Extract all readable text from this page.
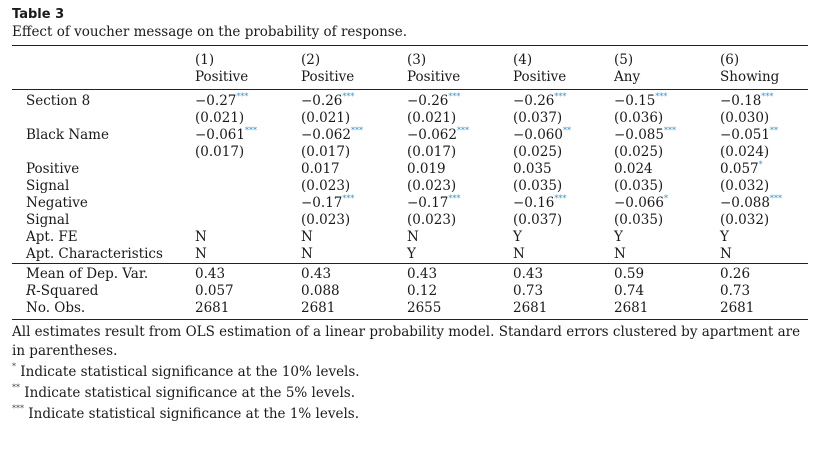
Table 3
Effect of voucher message on the probability of response.
	(1)	(2)	(3)	(4)	(5)	(6)
	Positive	Positive	Positive	Positive	Any	Showing
Section 8	−0.27***	−0.26***	−0.26***	−0.26***	−0.15***	−0.18***
	(0.021)	(0.021)	(0.021)	(0.037)	(0.036)	(0.030)
Black Name	−0.061***	−0.062***	−0.062***	−0.060**	−0.085***	−0.051**
	(0.017)	(0.017)	(0.017)	(0.025)	(0.025)	(0.024)
Positive		0.017	0.019	0.035	0.024	0.057*
Signal		(0.023)	(0.023)	(0.035)	(0.035)	(0.032)
Negative		−0.17***	−0.17***	−0.16***	−0.066*	−0.088***
Signal		(0.023)	(0.023)	(0.037)	(0.035)	(0.032)
Apt. FE	N	N	N	Y	Y	Y
Apt. Characteristics	N	N	Y	N	N	N
Mean of Dep. Var.	0.43	0.43	0.43	0.43	0.59	0.26
R-Squared	0.057	0.088	0.12	0.73	0.74	0.73
No. Obs.	2681	2681	2655	2681	2681	2681
All estimates result from OLS estimation of a linear probability model. Standard errors clustered by apartment are in parentheses.
* Indicate statistical significance at the 10% levels.
** Indicate statistical significance at the 5% levels.
*** Indicate statistical significance at the 1% levels.
